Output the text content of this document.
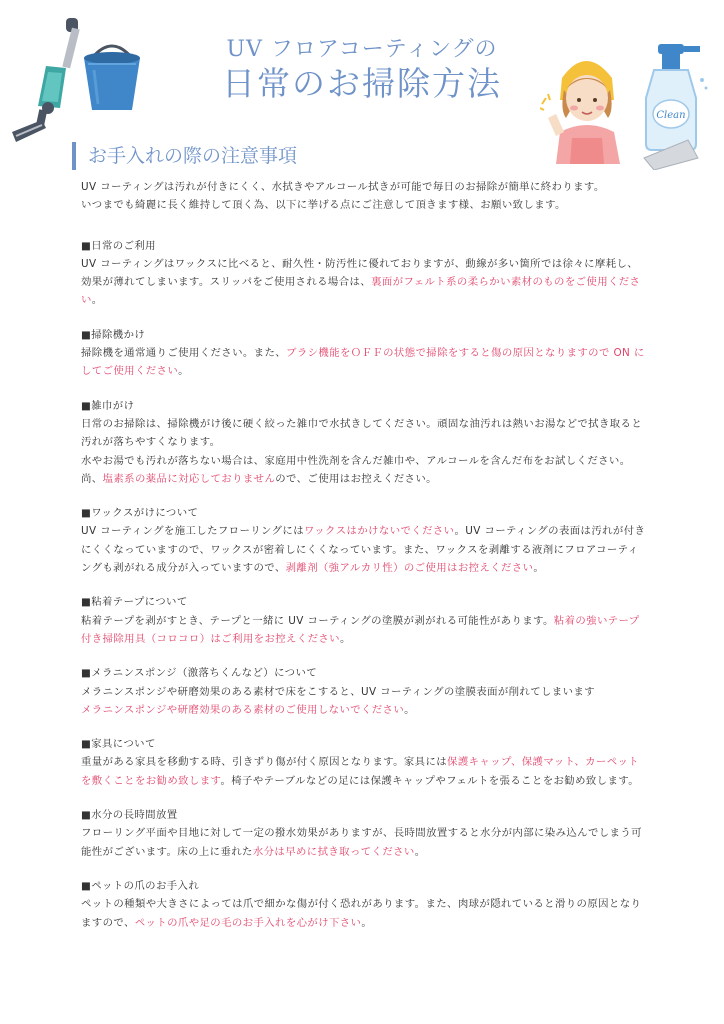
Clean
UV フロアコーティングの
日常のお掃除方法
お手入れの際の注意事項

UV コーティングは汚れが付きにくく、水拭きやアルコール拭きが可能で毎日のお掃除が簡単に終わります。

いつまでも綺麗に長く維持して頂く為、以下に挙げる点にご注意して頂きます様、お願い致します。

■日常のご利用

UV コーティングはワックスに比べると、耐久性・防汚性に優れておりますが、動線が多い箇所では徐々に摩耗し、効果が薄れてしまいます。スリッパをご使用される場合は、裏面がフェルト系の柔らかい素材のものをご使用ください。

■掃除機かけ

掃除機を通常通りご使用ください。また、ブラシ機能をＯＦＦの状態で掃除をすると傷の原因となりますので ON にしてご使用ください。

■雑巾がけ

日常のお掃除は、掃除機がけ後に硬く絞った雑巾で水拭きしてください。頑固な油汚れは熱いお湯などで拭き取ると汚れが落ちやすくなります。

水やお湯でも汚れが落ちない場合は、家庭用中性洗剤を含んだ雑巾や、アルコールを含んだ布をお試しください。尚、塩素系の薬品に対応しておりませんので、ご使用はお控えください。

■ワックスがけについて

UV コーティングを施工したフローリングにはワックスはかけないでください。UV コーティングの表面は汚れが付きにくくなっていますので、ワックスが密着しにくくなっています。また、ワックスを剥離する液剤にフロアコーティングも剥がれる成分が入っていますので、剥離剤（強アルカリ性）のご使用はお控えください。

■粘着テープについて

粘着テープを剥がすとき、テープと一緒に UV コーティングの塗膜が剥がれる可能性があります。粘着の強いテープ付き掃除用具（コロコロ）はご利用をお控えください。

■メラニンスポンジ（激落ちくんなど）について

メラニンスポンジや研磨効果のある素材で床をこすると、UV コーティングの塗膜表面が削れてしまいます

メラニンスポンジや研磨効果のある素材のご使用しないでください。

■家具について

重量がある家具を移動する時、引きずり傷が付く原因となります。家具には保護キャップ、保護マット、カーペットを敷くことをお勧め致します。椅子やテーブルなどの足には保護キャップやフェルトを張ることをお勧め致します。

■水分の長時間放置

フローリング平面や目地に対して一定の撥水効果がありますが、長時間放置すると水分が内部に染み込んでしまう可能性がございます。床の上に垂れた水分は早めに拭き取ってください。

■ペットの爪のお手入れ

ペットの種類や大きさによっては爪で細かな傷が付く恐れがあります。また、肉球が隠れていると滑りの原因となりますので、ペットの爪や足の毛のお手入れを心がけ下さい。
